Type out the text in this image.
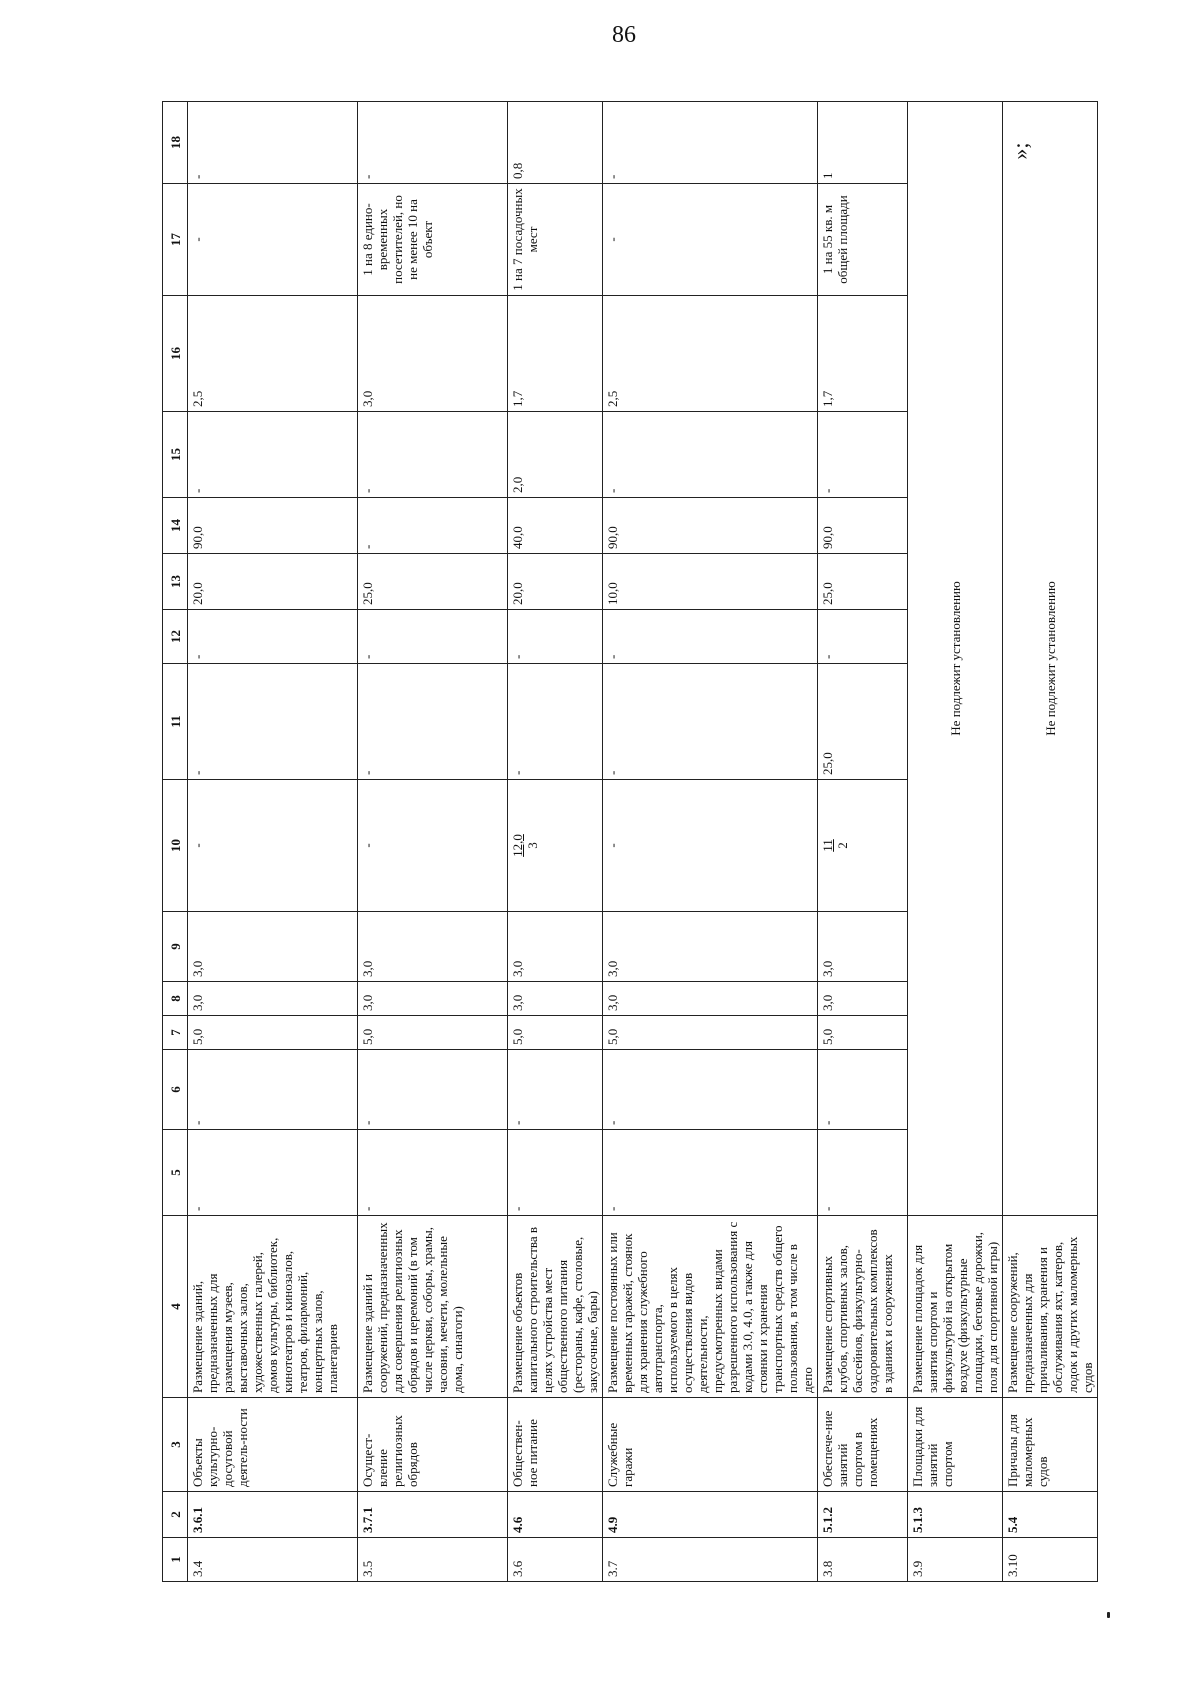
86
1	2	3	4	5	6	7	8	9	10	11	12	13	14	15	16	17	18
3.4	3.6.1	Объекты культурно-досуговой деятель-ности	Размещение зданий, предназначенных для размещения музеев, выставочных залов, художественных галерей, домов культуры, библиотек, кинотеатров и кинозалов, театров, филармоний, концертных залов, планетариев	-	-	5,0	3,0	3,0	-	-	-	20,0	90,0	-	2,5	-	-
3.5	3.7.1	Осущест-вление религиозных обрядов	Размещение зданий и сооружений, предназначенных для совершения религиозных обрядов и церемоний (в том числе церкви, соборы, храмы, часовни, мечети, молельные дома, синагоги)	-	-	5,0	3,0	3,0	-	-	-	25,0	-	-	3,0	1 на 8 едино-временных посетителей, но не менее 10 на объект	-
3.6	4.6	Обществен-ное питание	Размещение объектов капитального строительства в целях устройства мест общественного питания (рестораны, кафе, столовые, закусочные, бары)	-	-	5,0	3,0	3,0	12,0 3	-	-	20,0	40,0	2,0	1,7	1 на 7 посадочных мест	0,8
3.7	4.9	Служебные гаражи	Размещение постоянных или временных гаражей, стоянок для хранения служебного автотранспорта, используемого в целях осуществления видов деятельности, предусмотренных видами разрешенного использования с кодами 3.0, 4.0, а также для стоянки и хранения транспортных средств общего пользования, в том числе в депо	-	-	5,0	3,0	3,0	-	-	-	10,0	90,0	-	2,5	-	-
3.8	5.1.2	Обеспече-ние занятий спортом в помещениях	Размещение спортивных клубов, спортивных залов, бассейнов, физкультурно-оздоровительных комплексов в зданиях и сооружениях	-	-	5,0	3,0	3,0	11 2	25,0	-	25,0	90,0	-	1,7	1 на 55 кв. м общей площади	1
3.9	5.1.3	Площадки для занятий спортом	Размещение площадок для занятия спортом и физкультурой на открытом воздухе (физкультурные площадки, беговые дорожки, поля для спортивной игры)	Не подлежит установлению													
3.10	5.4	Причалы для маломерных судов	Размещение сооружений, предназначенных для причаливания, хранения и обслуживания яхт, катеров, лодок и других маломерных судов	Не подлежит установлению													
»;
